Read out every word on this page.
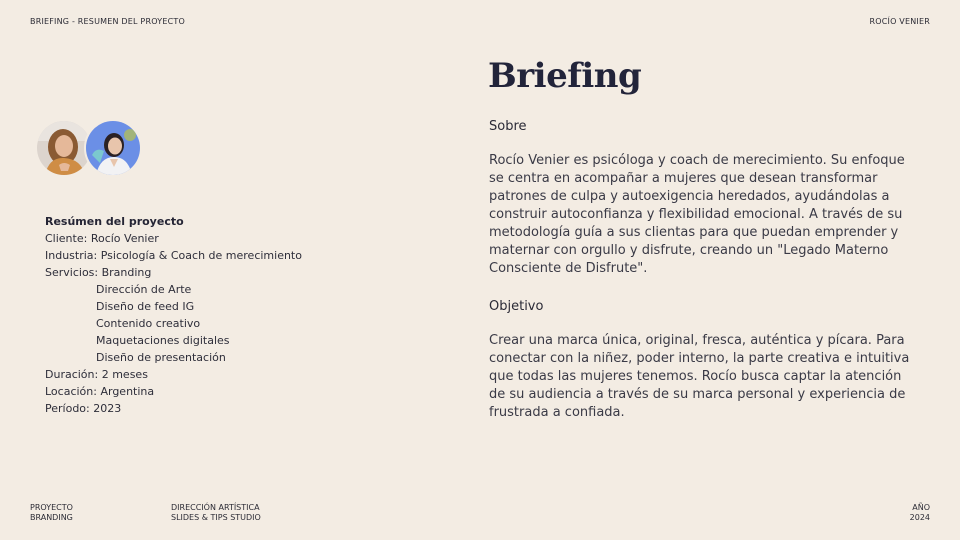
BRIEFING - RESUMEN DEL PROYECTO	ROCÍO VENIER
Resúmen del proyecto
Cliente: Rocío Venier
Industria: Psicología & Coach de merecimiento
Servicios: Branding
Dirección de Arte
Diseño de feed IG
Contenido creativo
Maquetaciones digitales
Diseño de presentación
Duración: 2 meses
Locación: Argentina
Período: 2023
Briefing
Sobre
Rocío Venier es psicóloga y coach de merecimiento. Su enfoque
se centra en acompañar a mujeres que desean transformar
patrones de culpa y autoexigencia heredados, ayudándolas a
construir autoconfianza y flexibilidad emocional. A través de su
metodología guía a sus clientas para que puedan emprender y
maternar con orgullo y disfrute, creando un "Legado Materno
Consciente de Disfrute".
Objetivo
Crear una marca única, original, fresca, auténtica y pícara. Para
conectar con la niñez, poder interno, la parte creativa e intuitiva
que todas las mujeres tenemos. Rocío busca captar la atención
de su audiencia a través de su marca personal y experiencia de
frustrada a confiada.
PROYECTO
BRANDING
DIRECCIÓN ARTÍSTICA
SLIDES & TIPS STUDIO
AÑO
2024
